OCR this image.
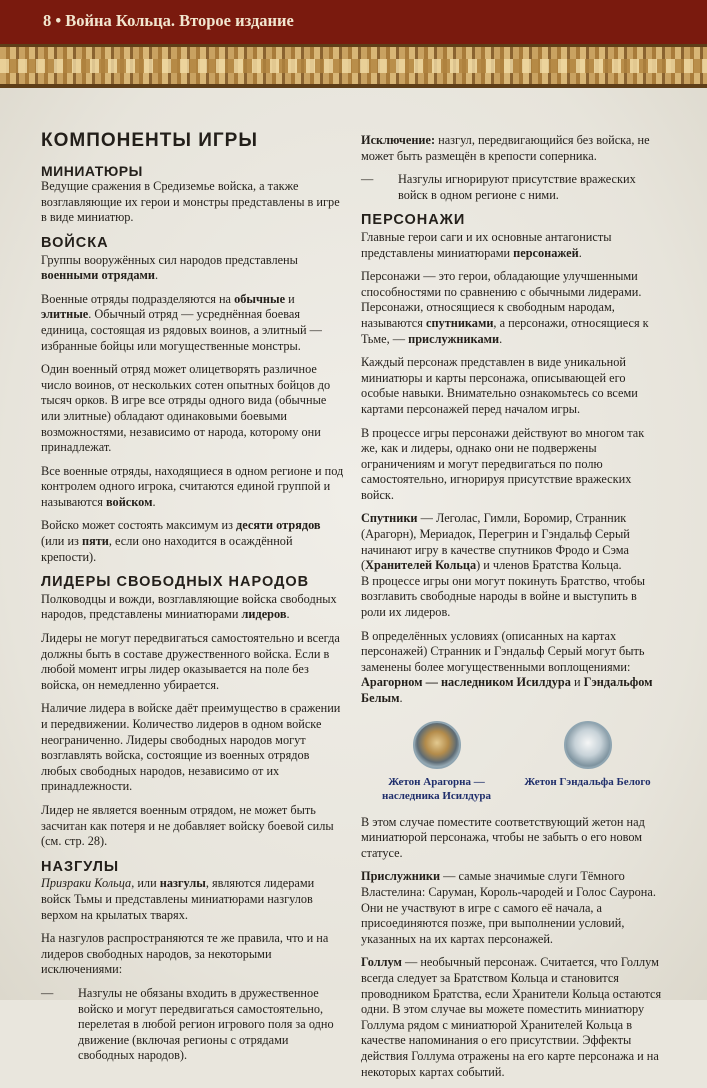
8 • Война Кольца. Второе издание
КОМПОНЕНТЫ ИГРЫ
МИНИАТЮРЫ

Ведущие сражения в Средиземье войска, а также возглавляющие их герои и монстры представлены в игре в виде миниатюр.

ВОЙСКА

Группы вооружённых сил народов представлены военными отрядами.

Военные отряды подразделяются на обычные и элитные. Обычный отряд — усреднённая боевая единица, состоящая из рядовых воинов, а элитный — избранные бойцы или могущественные монстры.

Один военный отряд может олицетворять различное число воинов, от нескольких сотен опытных бойцов до тысяч орков. В игре все отряды одного вида (обычные или элитные) обладают одинаковыми боевыми возможностями, независимо от народа, которому они принадлежат.

Все военные отряды, находящиеся в одном регионе и под контролем одного игрока, считаются единой группой и называются войском.

Войско может состоять максимум из десяти отрядов (или из пяти, если оно находится в осаждённой крепости).

ЛИДЕРЫ СВОБОДНЫХ НАРОДОВ

Полководцы и вожди, возглавляющие войска свободных народов, представлены миниатюрами лидеров.

Лидеры не могут передвигаться самостоятельно и всегда должны быть в составе дружественного войска. Если в любой момент игры лидер оказывается на поле без войска, он немедленно убирается.

Наличие лидера в войске даёт преимущество в сражении и передвижении. Количество лидеров в одном войске неограниченно. Лидеры свободных народов могут возглавлять войска, состоящие из военных отрядов любых свободных народов, независимо от их принадлежности.

Лидер не является военным отрядом, не может быть засчитан как потеря и не добавляет войску боевой силы (см. стр. 28).

НАЗГУЛЫ

Призраки Кольца, или назгулы, являются лидерами войск Тьмы и представлены миниатюрами назгулов верхом на крылатых тварях.

На назгулов распространяются те же правила, что и на лидеров свободных народов, за некоторыми исключениями:

—	Назгулы не обязаны входить в дружественное войско и могут передвигаться самостоятельно, перелетая в любой регион игрового поля за одно движение (включая регионы с отрядами свободных народов).

Исключение: назгул, передвигающийся без войска, не может быть размещён в крепости соперника.

—	Назгулы игнорируют присутствие вражеских войск в одном регионе с ними.
ПЕРСОНАЖИ

Главные герои саги и их основные антагонисты представлены миниатюрами персонажей.

Персонажи — это герои, обладающие улучшенными способностями по сравнению с обычными лидерами. Персонажи, относящиеся к свободным народам, называются спутниками, а персонажи, относящиеся к Тьме, — прислужниками.

Каждый персонаж представлен в виде уникальной миниатюры и карты персонажа, описывающей его особые навыки. Внимательно ознакомьтесь со всеми картами персонажей перед началом игры.

В процессе игры персонажи действуют во многом так же, как и лидеры, однако они не подвержены ограничениям и могут передвигаться по полю самостоятельно, игнорируя присутствие вражеских войск.

Спутники — Леголас, Гимли, Боромир, Странник (Арагорн), Мериадок, Перегрин и Гэндальф Серый начинают игру в качестве спутников Фродо и Сэма (Хранителей Кольца) и членов Братства Кольца.
В процессе игры они могут покинуть Братство, чтобы возглавить свободные народы в войне и выступить в роли их лидеров.

В определённых условиях (описанных на картах персонажей) Странник и Гэндальф Серый могут быть заменены более могущественными воплощениями: Арагорном — наследником Исилдура и Гэндальфом Белым.

Жетон Арагорна — наследника Исилдура
Жетон Гэндальфа Белого

В этом случае поместите соответствующий жетон над миниатюрой персонажа, чтобы не забыть о его новом статусе.

Прислужники — самые значимые слуги Тёмного Властелина: Саруман, Король-чародей и Голос Саурона. Они не участвуют в игре с самого её начала, а присоединяются позже, при выполнении условий, указанных на их картах персонажей.

Голлум — необычный персонаж. Считается, что Голлум всегда следует за Братством Кольца и становится проводником Братства, если Хранители Кольца остаются одни. В этом случае вы можете поместить миниатюру Голлума рядом с миниатюрой Хранителей Кольца в качестве напоминания о его присутствии. Эффекты действия Голлума отражены на его карте персонажа и на некоторых картах событий.
